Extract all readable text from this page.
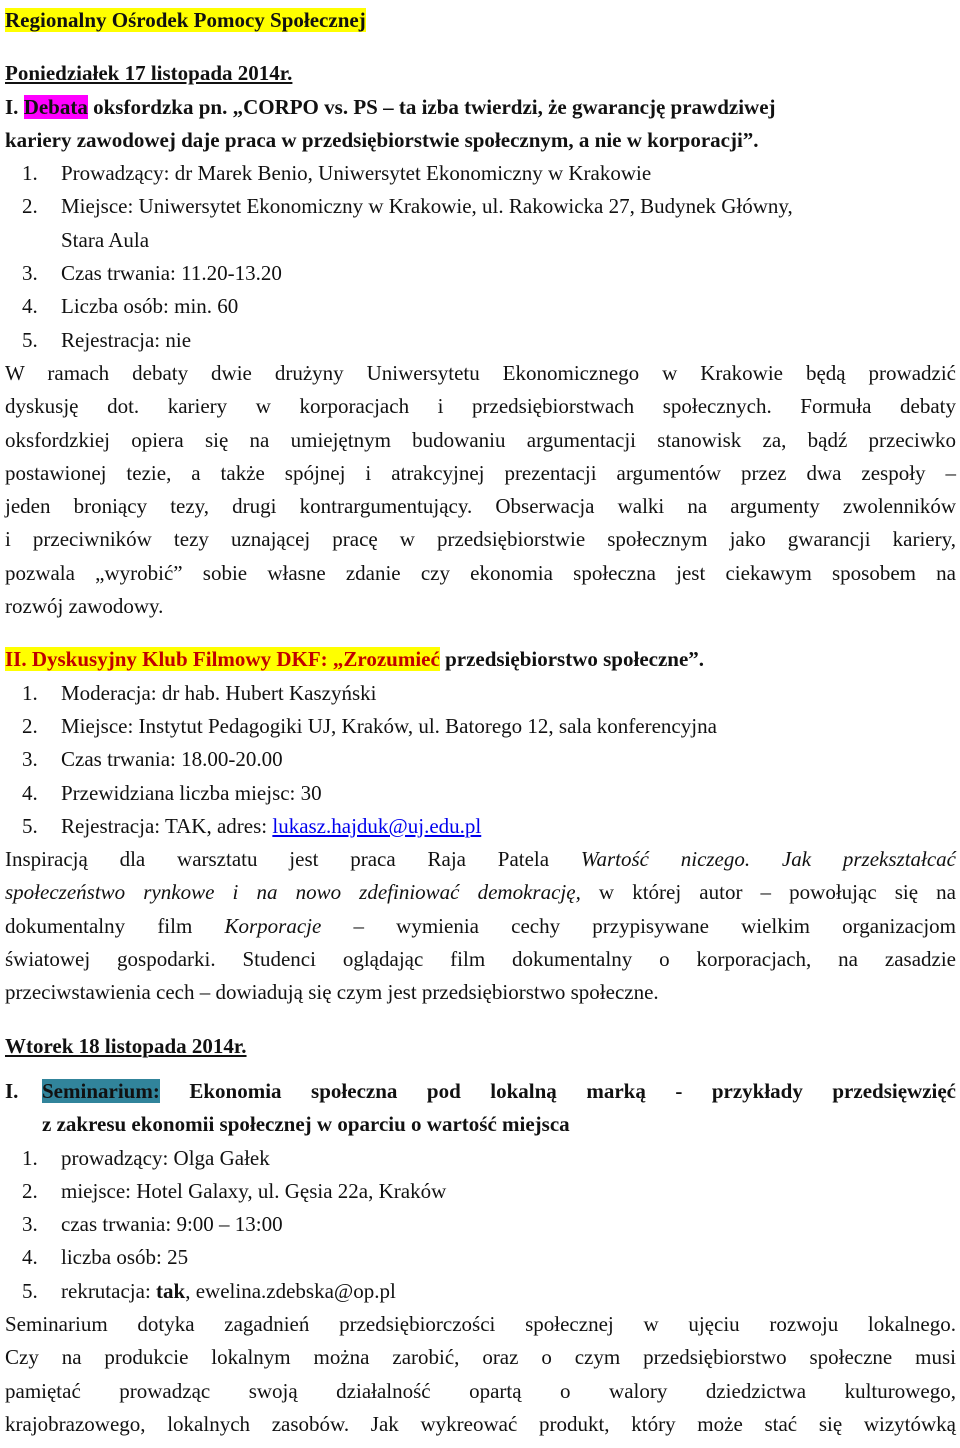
Regionalny Ośrodek Pomocy Społecznej
Poniedziałek 17 listopada 2014r.
I. Debata oksfordzka pn. „CORPO vs. PS – ta izba twierdzi, że gwarancję prawdziwej
kariery zawodowej daje praca w przedsiębiorstwie społecznym, a nie w korporacji”.
1. Prowadzący: dr Marek Benio, Uniwersytet Ekonomiczny w Krakowie
2. Miejsce: Uniwersytet Ekonomiczny w Krakowie, ul. Rakowicka 27, Budynek Główny,
Stara Aula
3. Czas trwania: 11.20-13.20
4. Liczba osób: min. 60
5. Rejestracja: nie
W ramach debaty dwie drużyny Uniwersytetu Ekonomicznego w Krakowie będą prowadzić
dyskusję dot. kariery w korporacjach i przedsiębiorstwach społecznych. Formuła debaty
oksfordzkiej opiera się na umiejętnym budowaniu argumentacji stanowisk za, bądź przeciwko
postawionej tezie, a także spójnej i atrakcyjnej prezentacji argumentów przez dwa zespoły –
jeden broniący tezy, drugi kontrargumentujący. Obserwacja walki na argumenty zwolenników
i przeciwników tezy uznającej pracę w przedsiębiorstwie społecznym jako gwarancji kariery,
pozwala „wyrobić” sobie własne zdanie czy ekonomia społeczna jest ciekawym sposobem na
rozwój zawodowy.
II. Dyskusyjny Klub Filmowy DKF: „Zrozumieć przedsiębiorstwo społeczne”.
1. Moderacja: dr hab. Hubert Kaszyński
2. Miejsce: Instytut Pedagogiki UJ, Kraków, ul. Batorego 12, sala konferencyjna
3. Czas trwania: 18.00-20.00
4. Przewidziana liczba miejsc: 30
5. Rejestracja: TAK, adres: lukasz.hajduk@uj.edu.pl
Inspiracją dla warsztatu jest praca Raja Patela Wartość niczego. Jak przekształcać
społeczeństwo rynkowe i na nowo zdefiniować demokrację, w której autor – powołując się na
dokumentalny film Korporacje – wymienia cechy przypisywane wielkim organizacjom
światowej gospodarki. Studenci oglądając film dokumentalny o korporacjach, na zasadzie
przeciwstawienia cech – dowiadują się czym jest przedsiębiorstwo społeczne.
Wtorek 18 listopada 2014r.
I. Seminarium: Ekonomia społeczna pod lokalną marką - przykłady przedsięwzięć
z zakresu ekonomii społecznej w oparciu o wartość miejsca
1. prowadzący: Olga Gałek
2. miejsce: Hotel Galaxy, ul. Gęsia 22a, Kraków
3. czas trwania: 9:00 – 13:00
4. liczba osób: 25
5. rekrutacja: tak, ewelina.zdebska@op.pl
Seminarium dotyka zagadnień przedsiębiorczości społecznej w ujęciu rozwoju lokalnego.
Czy na produkcie lokalnym można zarobić, oraz o czym przedsiębiorstwo społeczne musi
pamiętać prowadząc swoją działalność opartą o walory dziedzictwa kulturowego,
krajobrazowego, lokalnych zasobów. Jak wykreować produkt, który może stać się wizytówką
